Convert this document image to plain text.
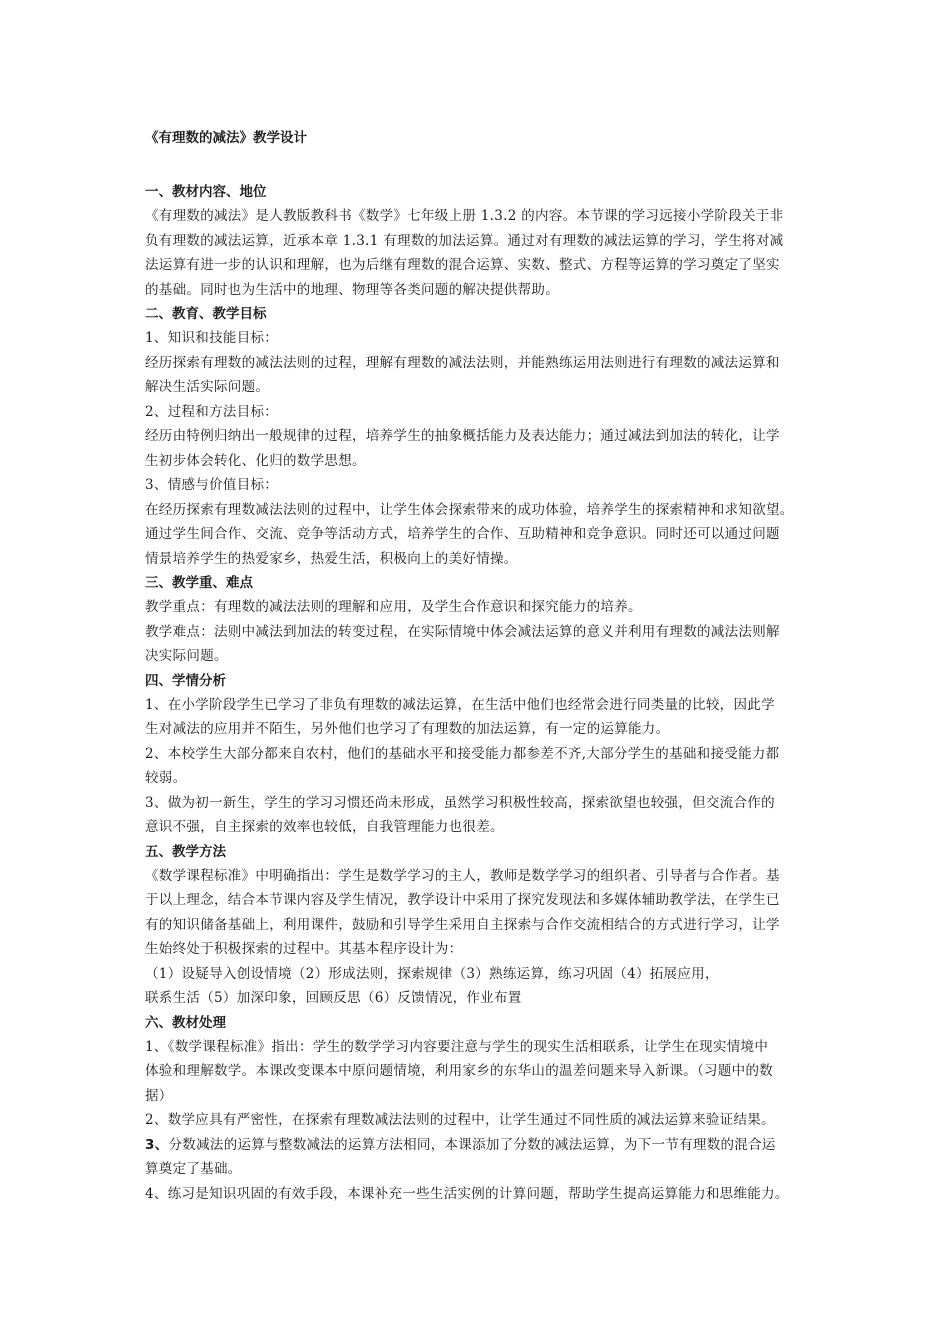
《有理数的减法》教学设计

一、教材内容、地位

《有理数的减法》是人教版教科书《数学》七年级上册 1.3.2 的内容。本节课的学习远接小学阶段关于非

负有理数的减法运算，近承本章 1.3.1 有理数的加法运算。通过对有理数的减法运算的学习，学生将对减

法运算有进一步的认识和理解，也为后继有理数的混合运算、实数、整式、方程等运算的学习奠定了坚实

的基础。同时也为生活中的地理、物理等各类问题的解决提供帮助。

二、教育、教学目标

1、知识和技能目标：

经历探索有理数的减法法则的过程，理解有理数的减法法则，并能熟练运用法则进行有理数的减法运算和

解决生活实际问题。

2、过程和方法目标：

经历由特例归纳出一般规律的过程，培养学生的抽象概括能力及表达能力；通过减法到加法的转化，让学

生初步体会转化、化归的数学思想。

3、情感与价值目标：

在经历探索有理数减法法则的过程中，让学生体会探索带来的成功体验，培养学生的探索精神和求知欲望。

通过学生间合作、交流、竞争等活动方式，培养学生的合作、互助精神和竞争意识。同时还可以通过问题

情景培养学生的热爱家乡，热爱生活，积极向上的美好情操。

三、教学重、难点

教学重点：有理数的减法法则的理解和应用，及学生合作意识和探究能力的培养。

教学难点：法则中减法到加法的转变过程，在实际情境中体会减法运算的意义并利用有理数的减法法则解

决实际问题。

四、学情分析

1、在小学阶段学生已学习了非负有理数的减法运算，在生活中他们也经常会进行同类量的比较，因此学

生对减法的应用并不陌生，另外他们也学习了有理数的加法运算，有一定的运算能力。

2、本校学生大部分都来自农村，他们的基础水平和接受能力都参差不齐,大部分学生的基础和接受能力都

较弱。

3、做为初一新生，学生的学习习惯还尚未形成，虽然学习积极性较高，探索欲望也较强，但交流合作的

意识不强，自主探索的效率也较低，自我管理能力也很差。

五、教学方法

《数学课程标准》中明确指出：学生是数学学习的主人，教师是数学学习的组织者、引导者与合作者。基

于以上理念，结合本节课内容及学生情况，教学设计中采用了探究发现法和多媒体辅助教学法，在学生已

有的知识储备基础上，利用课件，鼓励和引导学生采用自主探索与合作交流相结合的方式进行学习，让学

生始终处于积极探索的过程中。其基本程序设计为：

（1）设疑导入创设情境（2）形成法则，探索规律（3）熟练运算，练习巩固（4）拓展应用，

联系生活（5）加深印象，回顾反思（6）反馈情况，作业布置

六、教材处理

1、《数学课程标准》指出：学生的数学学习内容要注意与学生的现实生活相联系，让学生在现实情境中

体验和理解数学。本课改变课本中原问题情境，利用家乡的东华山的温差问题来导入新课。（习题中的数

据）

2、数学应具有严密性，在探索有理数减法法则的过程中，让学生通过不同性质的减法运算来验证结果。

3、分数减法的运算与整数减法的运算方法相同，本课添加了分数的减法运算，为下一节有理数的混合运

算奠定了基础。

4、练习是知识巩固的有效手段，本课补充一些生活实例的计算问题，帮助学生提高运算能力和思维能力。
